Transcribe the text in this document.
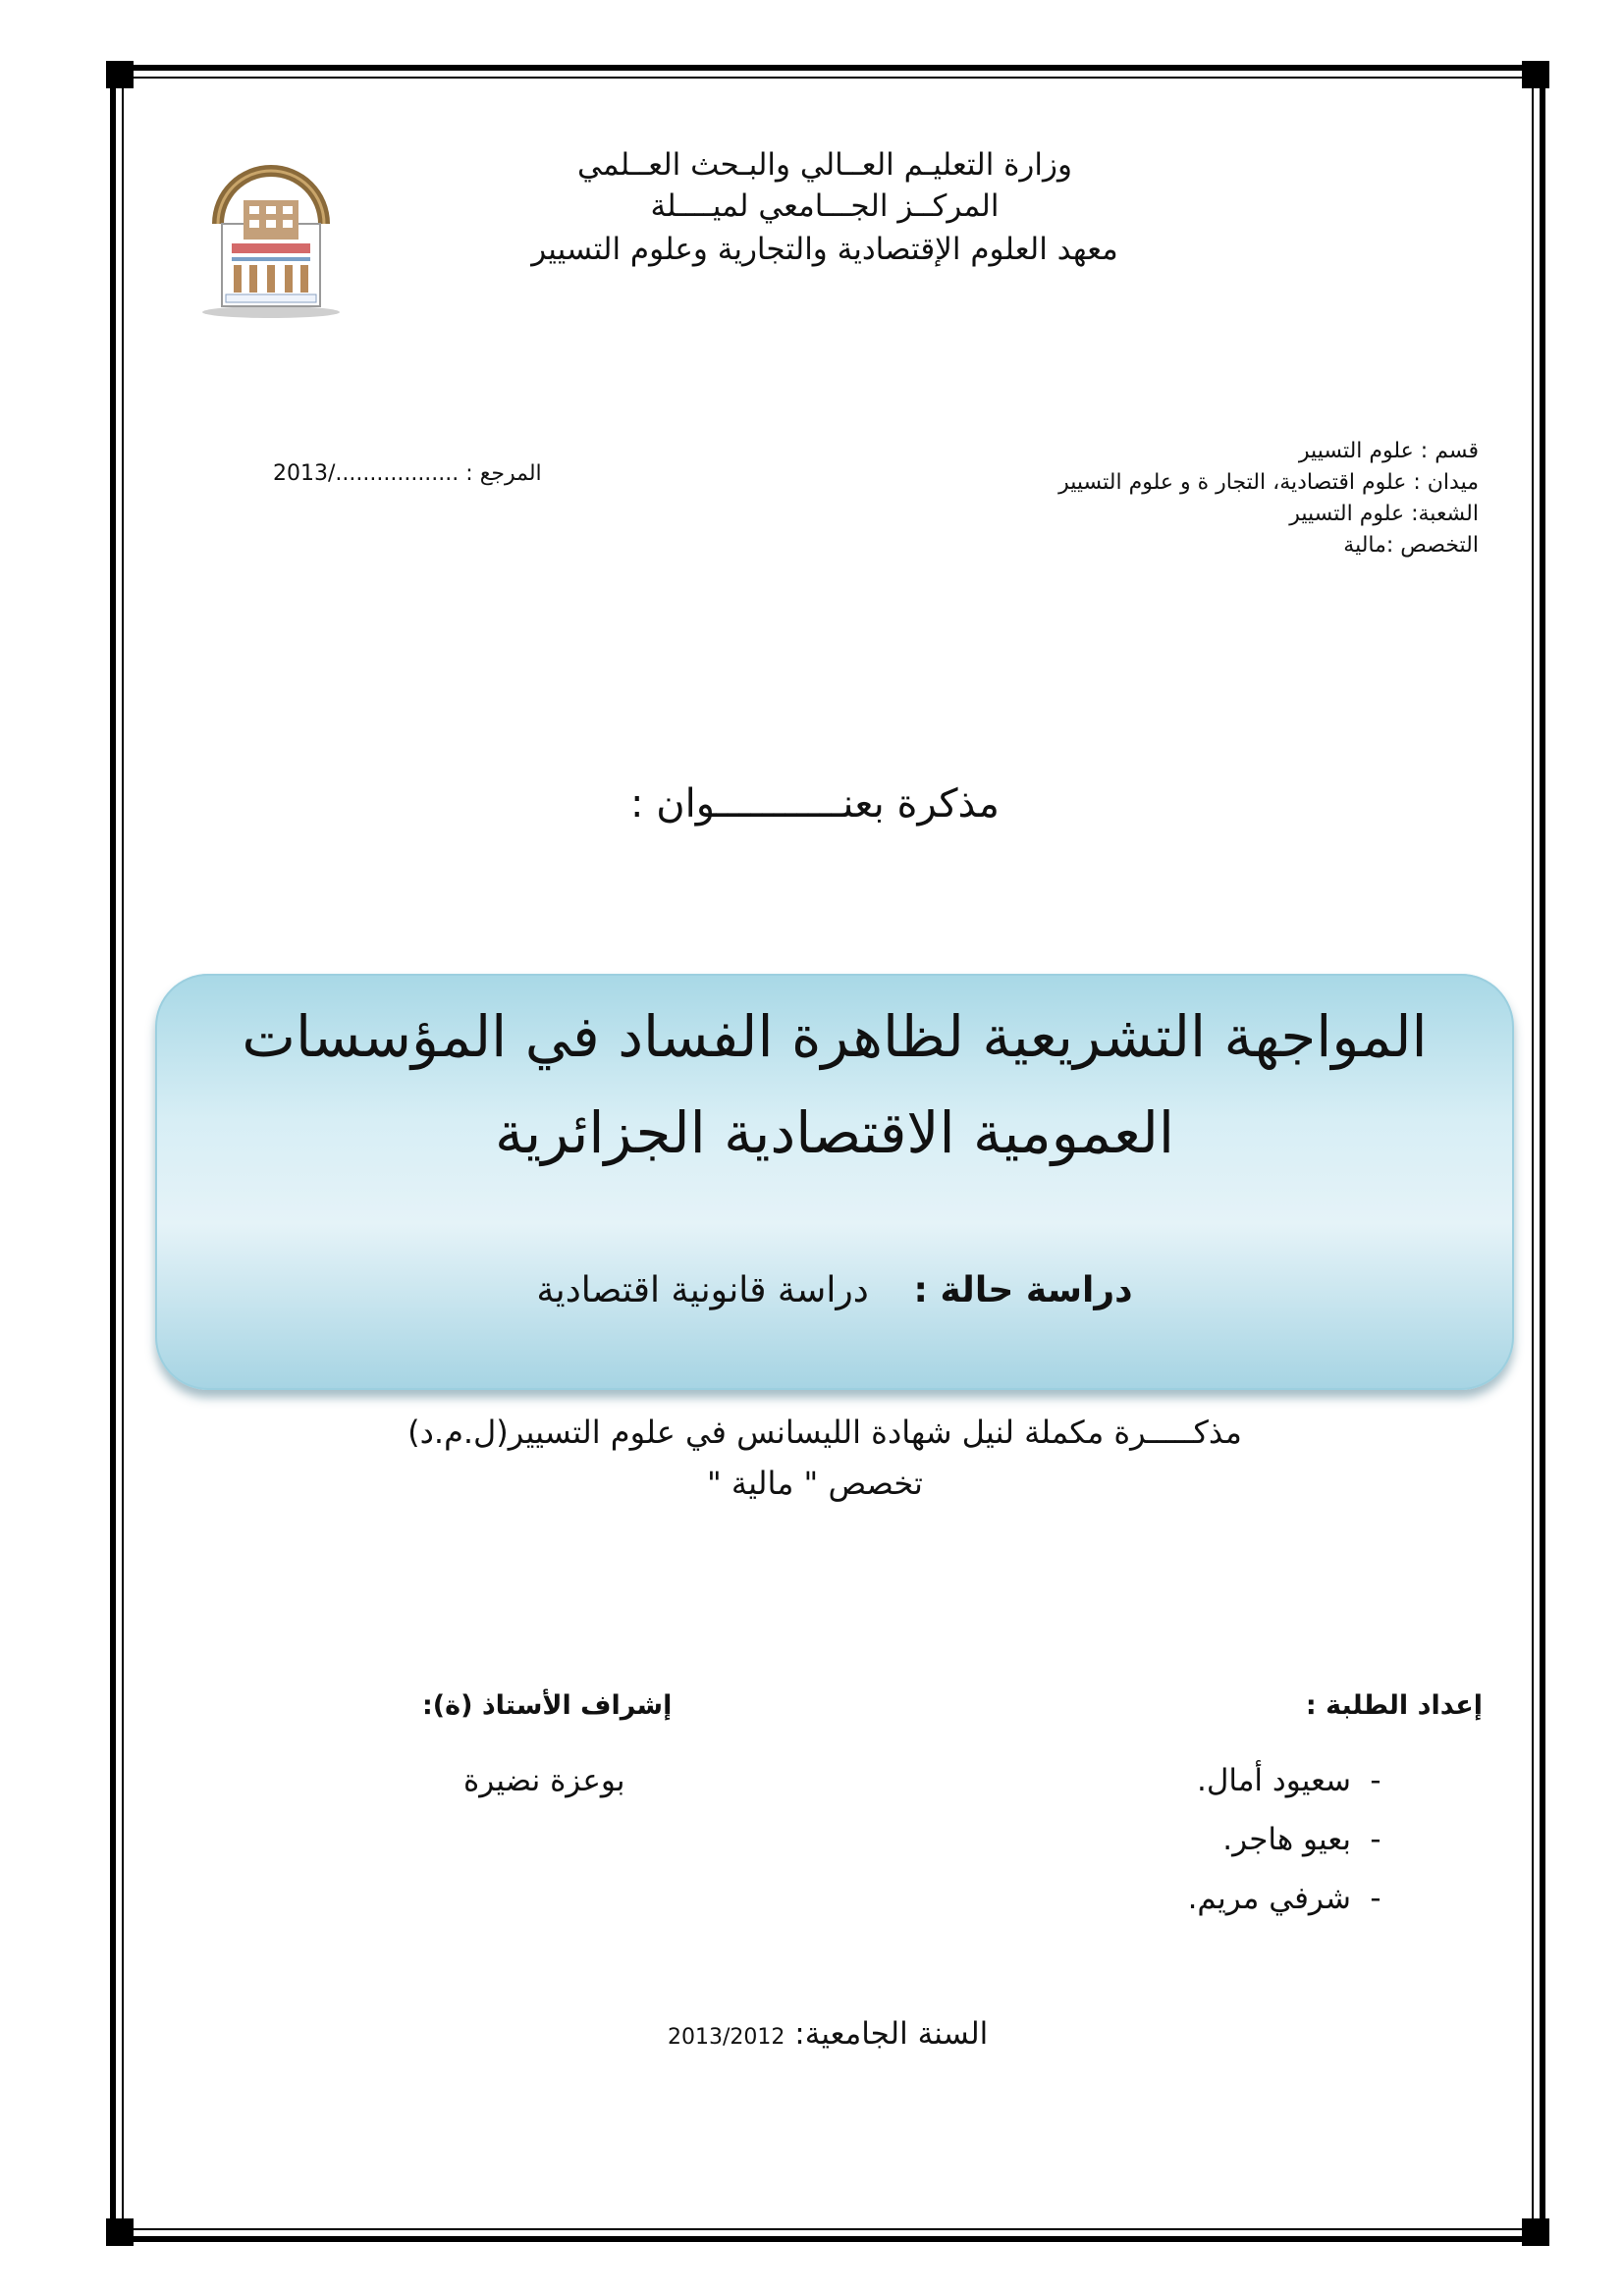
وزارة التعليـم العــالي والبـحث العــلمي
المركــز الجـــامعي لميــــلة
معهد العلوم الإقتصادية والتجارية وعلوم التسيير
قسم : علوم التسيير
ميدان : علوم اقتصادية، التجار ة و علوم التسيير
الشعبة: علوم التسيير
التخصص :مالية
2013/.................. : المرجع
مذكرة بعنـــــــــــوان :
المواجهة التشريعية لظاهرة الفساد في المؤسسات
العمومية الاقتصادية الجزائرية
دراسة حالة :    دراسة قانونية اقتصادية
مذكـــــرة مكملة لنيل شهادة الليسانس في علوم التسيير(ل.م.د)
تخصص " مالية "
إعداد الطلبة :
إشراف الأستاذ (ة):
-سعيود أمال.
-بعيو هاجر.
-شرفي مريم.
بوعزة نضيرة
السنة الجامعية: 2013/2012
